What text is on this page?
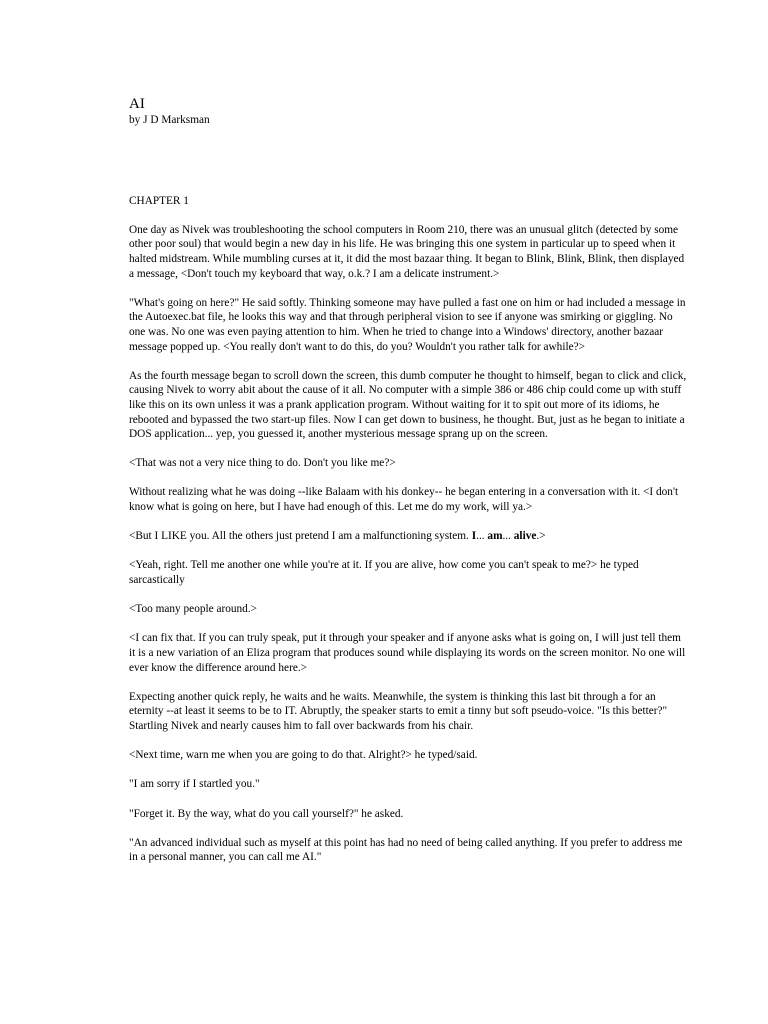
AI

by J D Marksman

CHAPTER 1

One day as Nivek was troubleshooting the school computers in Room 210, there was an unusual glitch (detected by some other poor soul) that would begin a new day in his life. He was bringing this one system in particular up to speed when it halted midstream. While mumbling curses at it, it did the most bazaar thing. It began to Blink, Blink, Blink, then displayed a message, <Don't touch my keyboard that way, o.k.? I am a delicate instrument.>

"What's going on here?" He said softly. Thinking someone may have pulled a fast one on him or had included a message in the Autoexec.bat file, he looks this way and that through peripheral vision to see if anyone was smirking or giggling. No one was. No one was even paying attention to him. When he tried to change into a Windows' directory, another bazaar message popped up. <You really don't want to do this, do you? Wouldn't you rather talk for awhile?>

As the fourth message began to scroll down the screen, this dumb computer he thought to himself, began to click and click, causing Nivek to worry abit about the cause of it all. No computer with a simple 386 or 486 chip could come up with stuff like this on its own unless it was a prank application program. Without waiting for it to spit out more of its idioms, he rebooted and bypassed the two start-up files. Now I can get down to business, he thought. But, just as he began to initiate a DOS application... yep, you guessed it, another mysterious message sprang up on the screen.

<That was not a very nice thing to do. Don't you like me?>

Without realizing what he was doing --like Balaam with his donkey-- he began entering in a conversation with it. <I don't know what is going on here, but I have had enough of this. Let me do my work, will ya.>

<But I LIKE you. All the others just pretend I am a malfunctioning system. I... am... alive.>

<Yeah, right. Tell me another one while you're at it. If you are alive, how come you can't speak to me?> he typed sarcastically

<Too many people around.>

<I can fix that. If you can truly speak, put it through your speaker and if anyone asks what is going on, I will just tell them it is a new variation of an Eliza program that produces sound while displaying its words on the screen monitor. No one will ever know the difference around here.>

Expecting another quick reply, he waits and he waits. Meanwhile, the system is thinking this last bit through a for an eternity --at least it seems to be to IT. Abruptly, the speaker starts to emit a tinny but soft pseudo-voice. "Is this better?" Startling Nivek and nearly causes him to fall over backwards from his chair.

<Next time, warn me when you are going to do that. Alright?> he typed/said.

"I am sorry if I startled you."

"Forget it. By the way, what do you call yourself?" he asked.

"An advanced individual such as myself at this point has had no need of being called anything. If you prefer to address me in a personal manner, you can call me AI."
